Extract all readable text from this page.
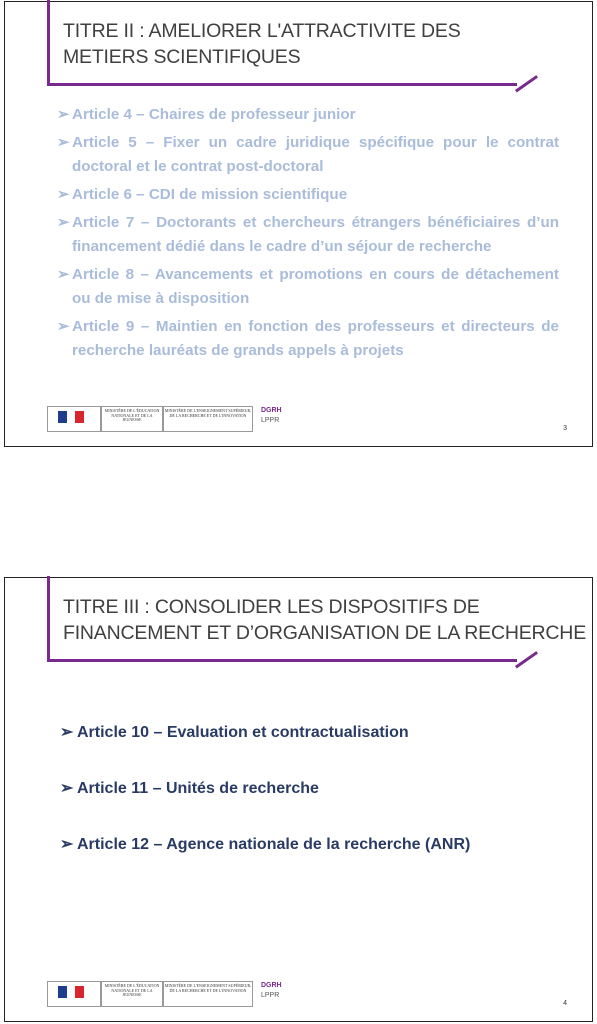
TITRE II : AMELIORER L'ATTRACTIVITE DES
METIERS SCIENTIFIQUES
➢ Article 4 – Chaires de professeur junior
➢ Article 5 – Fixer un cadre juridique spécifique pour le contrat doctoral et le contrat post-doctoral
➢ Article 6 – CDI de mission scientifique
➢ Article 7 – Doctorants et chercheurs étrangers bénéficiaires d’un financement dédié dans le cadre d’un séjour de recherche
➢ Article 8 – Avancements et promotions en cours de détachement ou de mise à disposition
➢ Article 9 – Maintien en fonction des professeurs et directeurs de recherche lauréats de grands appels à projets
MINISTÈRE DE L'ÉDUCATION NATIONALE ET DE LA JEUNESSE
MINISTÈRE DE L'ENSEIGNEMENT SUPÉRIEUR, DE LA RECHERCHE ET DE L'INNOVATION
DGRH
LPPR
3
TITRE III : CONSOLIDER LES DISPOSITIFS DE
FINANCEMENT ET D’ORGANISATION DE LA RECHERCHE
➢ Article 10 – Evaluation et contractualisation
➢ Article 11 – Unités de recherche
➢ Article 12 – Agence nationale de la recherche (ANR)
MINISTÈRE DE L'ÉDUCATION NATIONALE ET DE LA JEUNESSE
MINISTÈRE DE L'ENSEIGNEMENT SUPÉRIEUR, DE LA RECHERCHE ET DE L'INNOVATION
DGRH
LPPR
4
